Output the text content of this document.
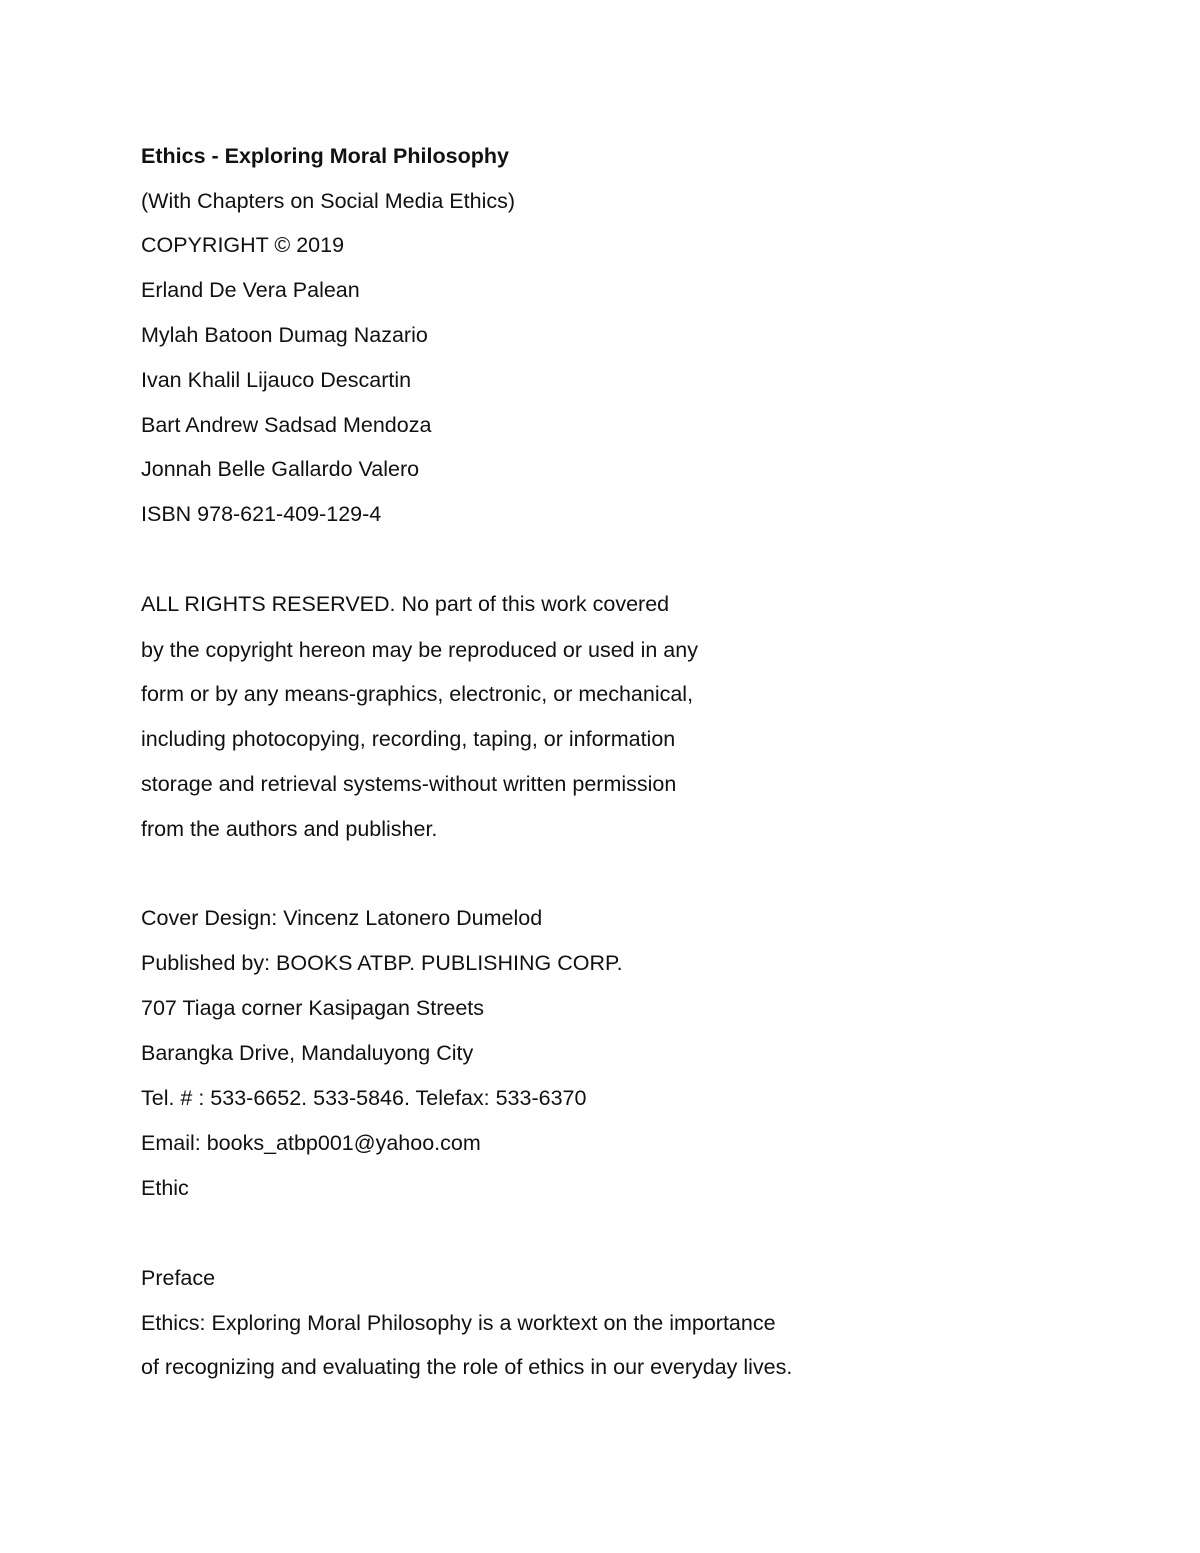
Ethics - Exploring Moral Philosophy
(With Chapters on Social Media Ethics)
COPYRIGHT © 2019
Erland De Vera Palean
Mylah Batoon Dumag Nazario
Ivan Khalil Lijauco Descartin
Bart Andrew Sadsad Mendoza
Jonnah Belle Gallardo Valero
ISBN 978-621-409-129-4
ALL RIGHTS RESERVED. No part of this work covered
by the copyright hereon may be reproduced or used in any
form or by any means-graphics, electronic, or mechanical,
including photocopying, recording, taping, or information
storage and retrieval systems-without written permission
from the authors and publisher.
Cover Design: Vincenz Latonero Dumelod
Published by: BOOKS ATBP. PUBLISHING CORP.
707 Tiaga corner Kasipagan Streets
Barangka Drive, Mandaluyong City
Tel. # : 533-6652. 533-5846. Telefax: 533-6370
Email: books_atbp001@yahoo.com
Ethic
Preface
Ethics: Exploring Moral Philosophy is a worktext on the importance
of recognizing and evaluating the role of ethics in our everyday lives.
